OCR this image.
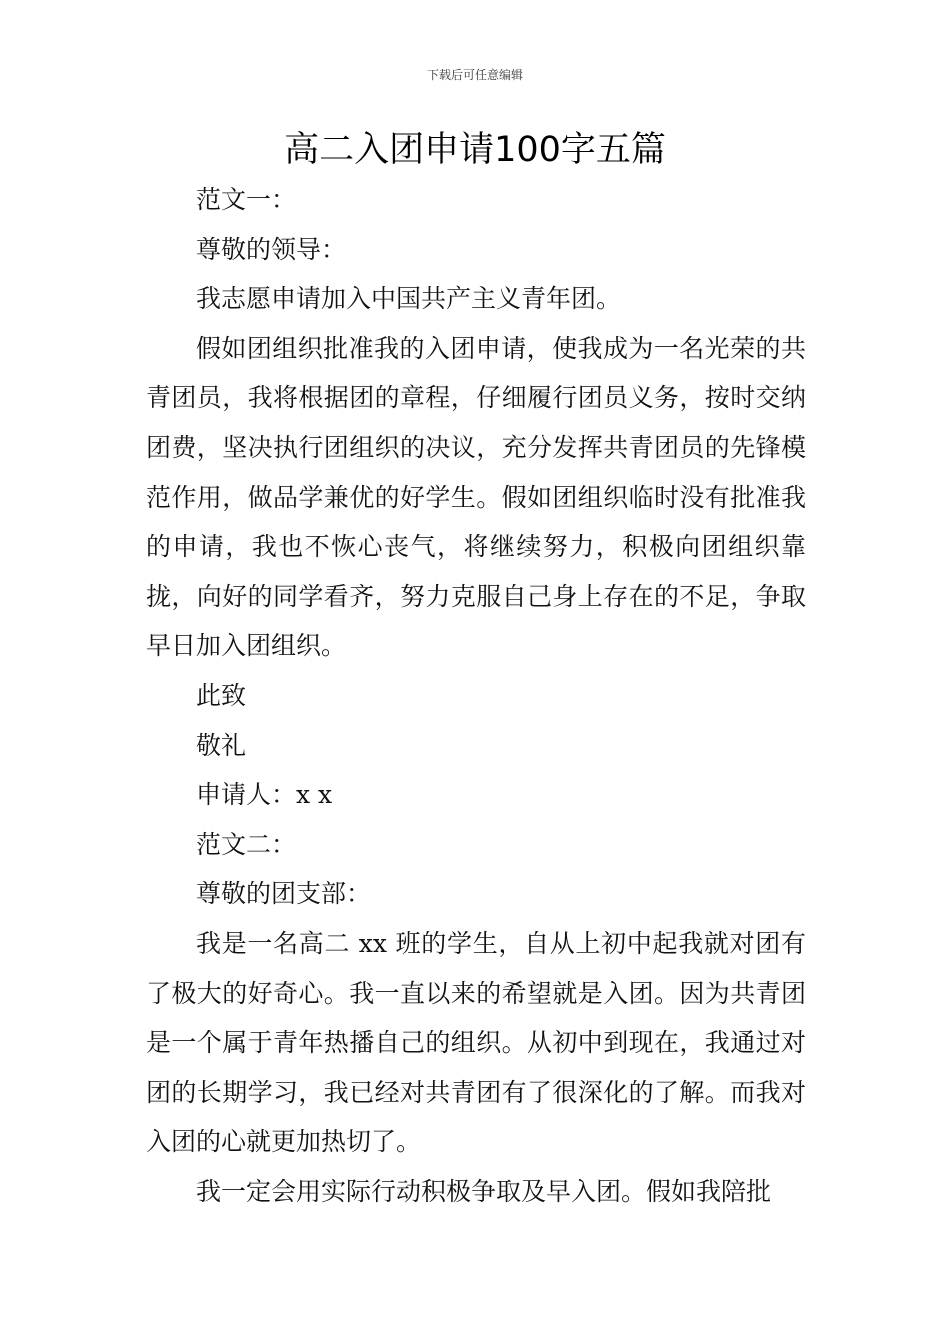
下载后可任意编辑
高二入团申请100字五篇

范文一：

尊敬的领导：

我志愿申请加入中国共产主义青年团。

假如团组织批准我的入团申请，使我成为一名光荣的共青团员，我将根据团的章程，仔细履行团员义务，按时交纳团费，坚决执行团组织的决议，充分发挥共青团员的先锋模范作用，做品学兼优的好学生。假如团组织临时没有批准我的申请，我也不恢心丧气，将继续努力，积极向团组织靠拢，向好的同学看齐，努力克服自己身上存在的不足，争取早日加入团组织。

此致

敬礼

申请人：x x

范文二：

尊敬的团支部：

我是一名高二 xx 班的学生，自从上初中起我就对团有了极大的好奇心。我一直以来的希望就是入团。因为共青团是一个属于青年热播自己的组织。从初中到现在，我通过对团的长期学习，我已经对共青团有了很深化的了解。而我对入团的心就更加热切了。

我一定会用实际行动积极争取及早入团。假如我陪批
